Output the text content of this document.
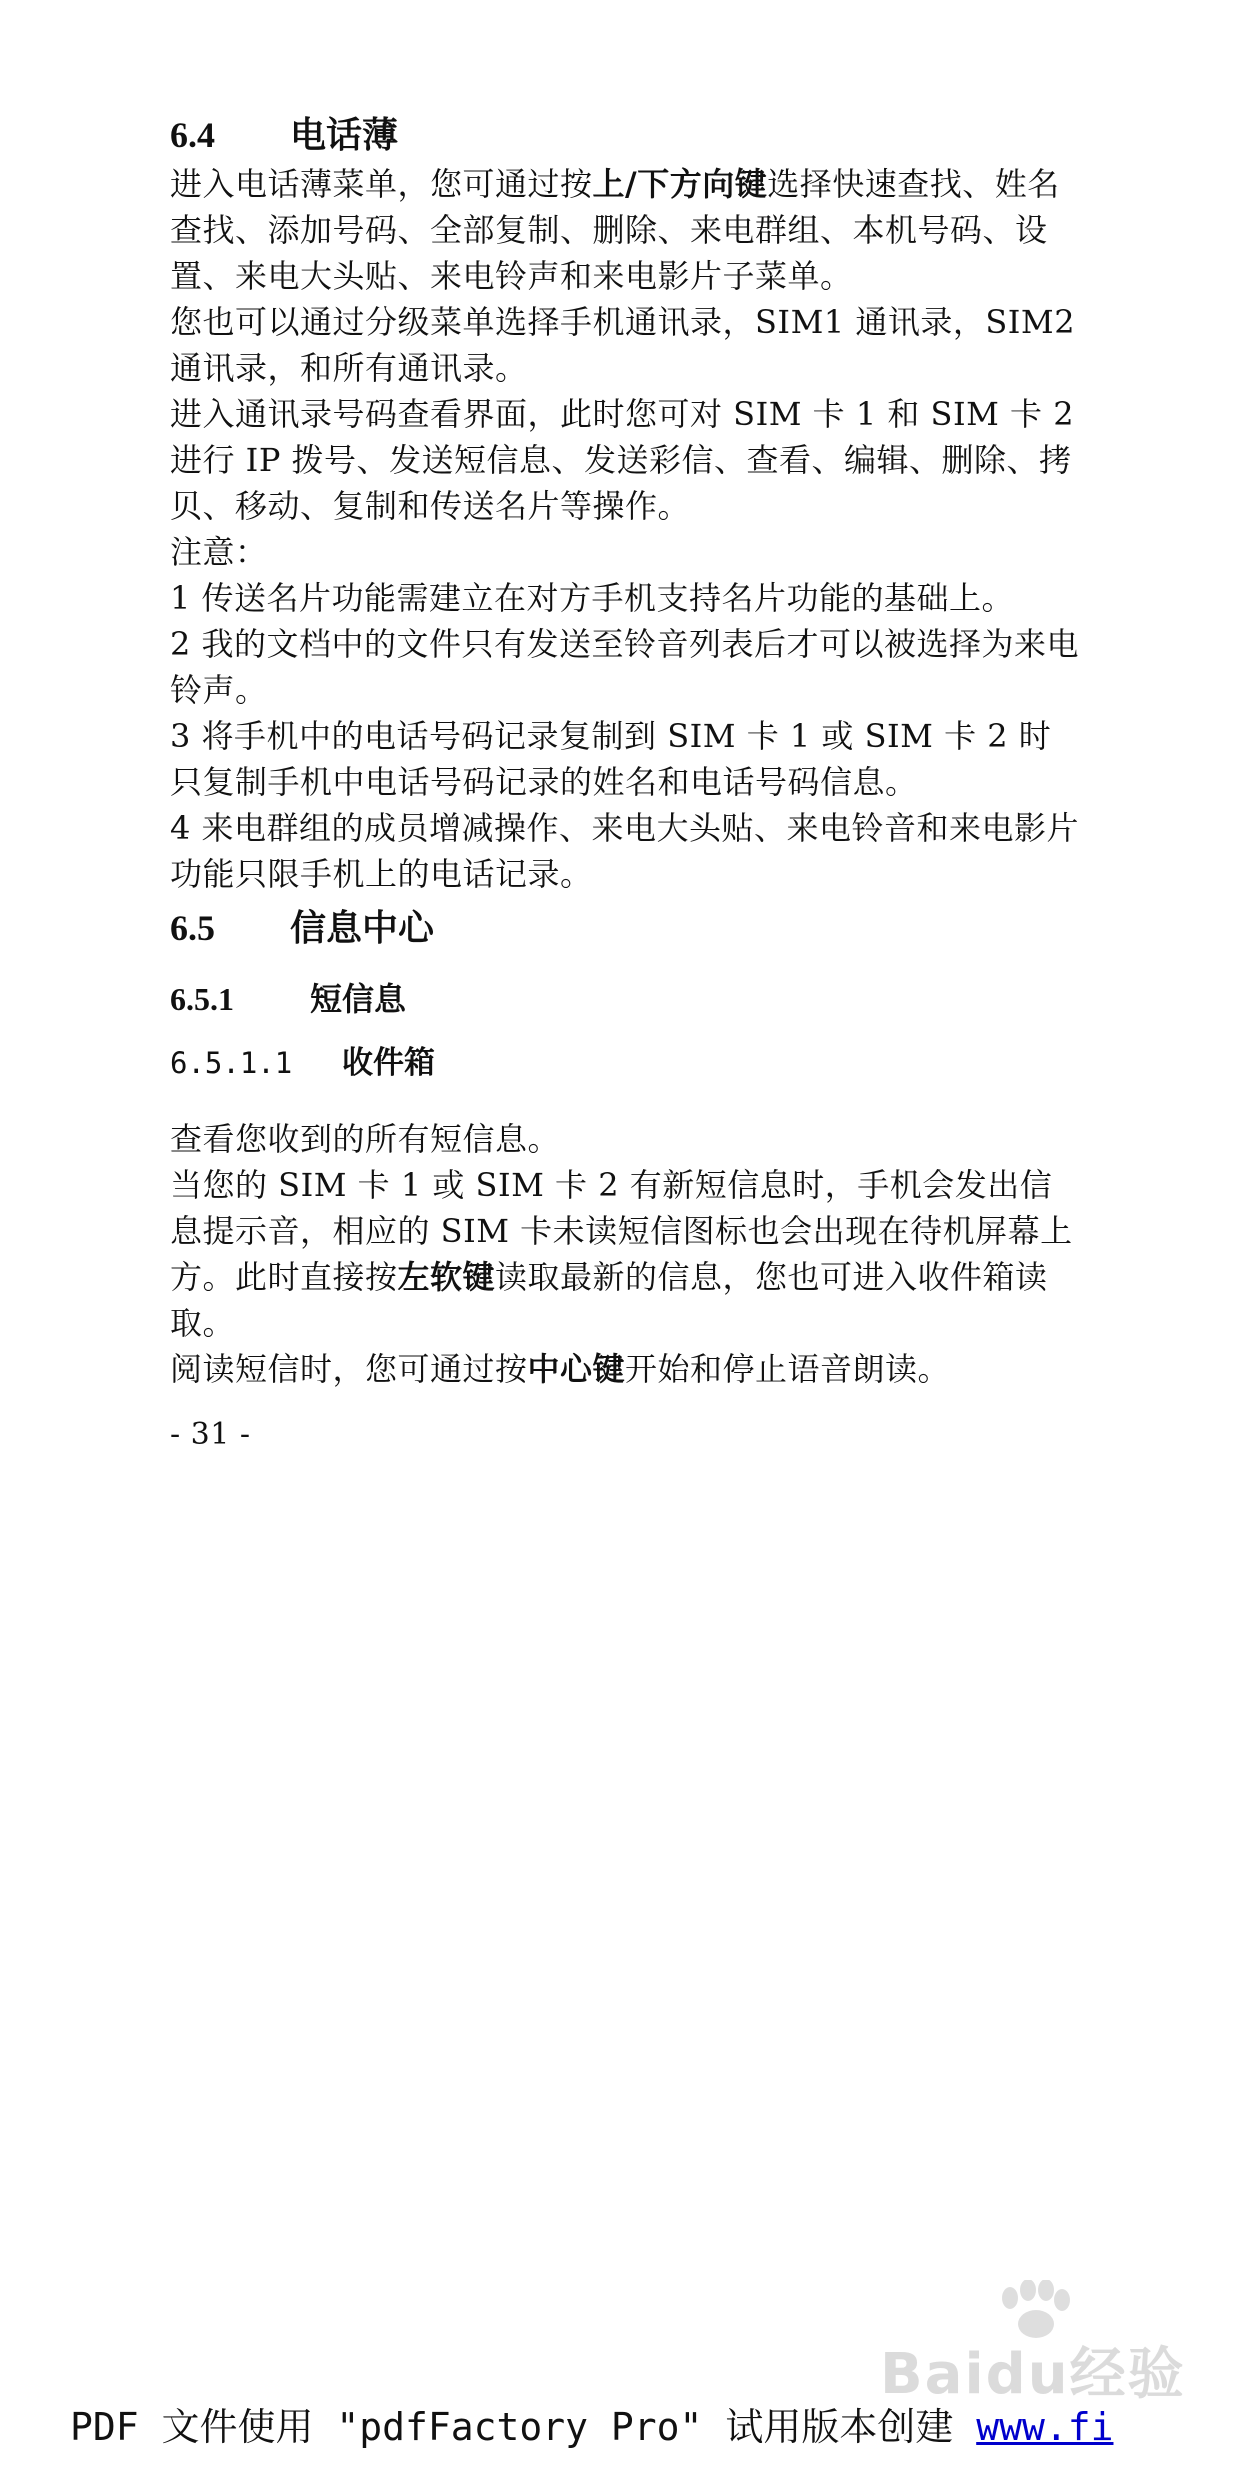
6.4 电话薄

进入电话薄菜单，您可通过按上/下方向键选择快速查找、姓名查找、添加号码、全部复制、删除、来电群组、本机号码、设置、来电大头贴、来电铃声和来电影片子菜单。

您也可以通过分级菜单选择手机通讯录，SIM1 通讯录，SIM2 通讯录，和所有通讯录。

进入通讯录号码查看界面，此时您可对 SIM 卡 1 和 SIM 卡 2 进行 IP 拨号、发送短信息、发送彩信、查看、编辑、删除、拷贝、移动、复制和传送名片等操作。

注意：

1 传送名片功能需建立在对方手机支持名片功能的基础上。

2 我的文档中的文件只有发送至铃音列表后才可以被选择为来电铃声。

3 将手机中的电话号码记录复制到 SIM 卡 1 或 SIM 卡 2 时只复制手机中电话号码记录的姓名和电话号码信息。

4 来电群组的成员增减操作、来电大头贴、来电铃音和来电影片功能只限手机上的电话记录。

6.5 信息中心
6.5.1 短信息
6.5.1.1 收件箱

查看您收到的所有短信息。

当您的 SIM 卡 1 或 SIM 卡 2 有新短信息时，手机会发出信息提示音，相应的 SIM 卡未读短信图标也会出现在待机屏幕上方。此时直接按左软键读取最新的信息，您也可进入收件箱读取。

阅读短信时，您可通过按中心键开始和停止语音朗读。

- 31 -

Baidu经验
PDF 文件使用 "pdfFactory Pro" 试用版本创建 www.fi
